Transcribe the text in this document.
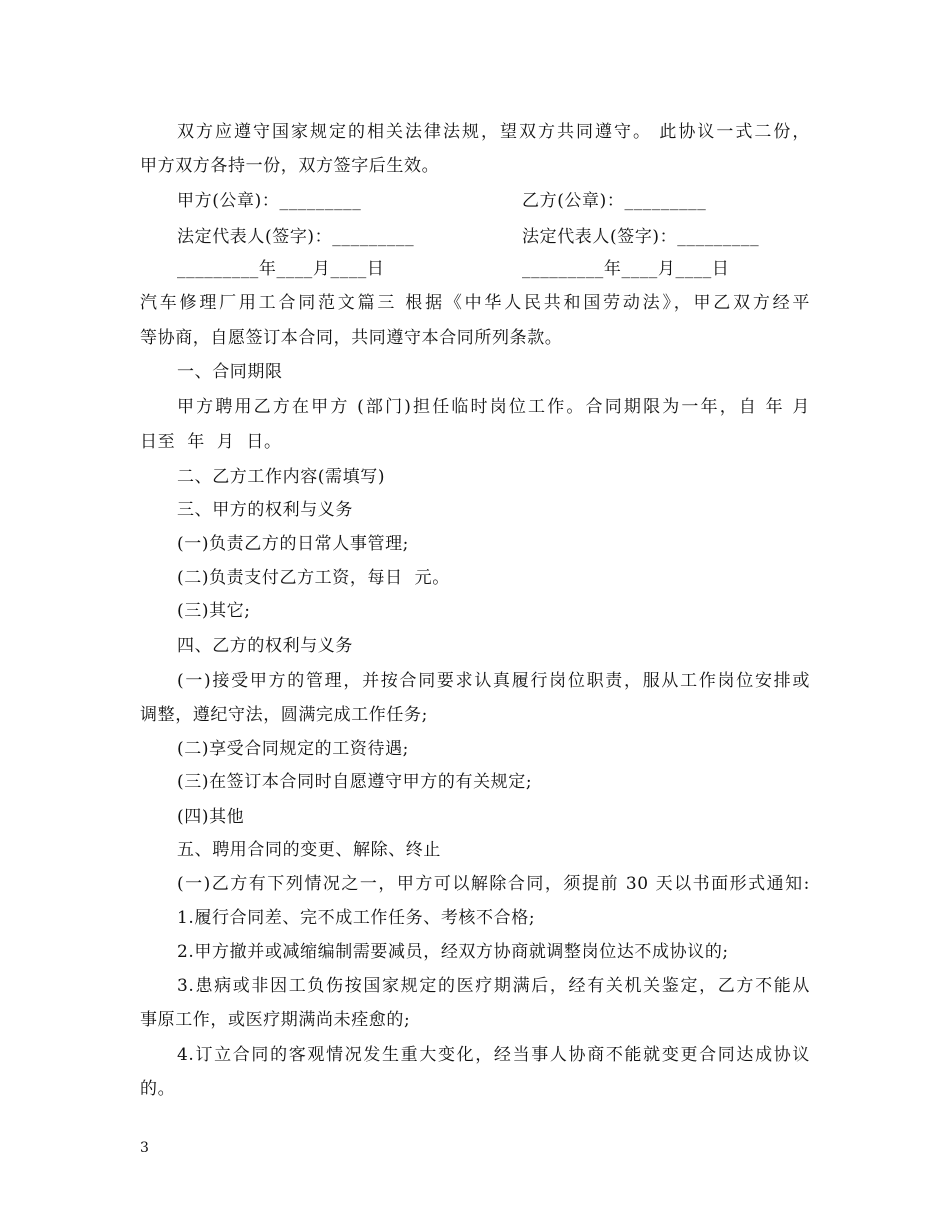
双方应遵守国家规定的相关法律法规，望双方共同遵守。 此协议一式二份，
甲方双方各持一份，双方签字后生效。
甲方(公章)：_________	乙方(公章)：_________
法定代表人(签字)：_________	法定代表人(签字)：_________
_________年____月____日	_________年____月____日
汽车修理厂用工合同范文篇三 根据《中华人民共和国劳动法》，甲乙双方经平
等协商，自愿签订本合同，共同遵守本合同所列条款。
一、合同期限
甲方聘用乙方在甲方 (部门)担任临时岗位工作。合同期限为一年，自 年 月
日至  年  月  日。
二、乙方工作内容(需填写)
三、甲方的权利与义务
(一)负责乙方的日常人事管理;
(二)负责支付乙方工资，每日  元。
(三)其它;
四、乙方的权利与义务
(一)接受甲方的管理，并按合同要求认真履行岗位职责，服从工作岗位安排或
调整，遵纪守法，圆满完成工作任务;
(二)享受合同规定的工资待遇;
(三)在签订本合同时自愿遵守甲方的有关规定;
(四)其他
五、聘用合同的变更、解除、终止
(一)乙方有下列情况之一，甲方可以解除合同，须提前 30 天以书面形式通知:
1.履行合同差、完不成工作任务、考核不合格;
2.甲方撤并或减缩编制需要减员，经双方协商就调整岗位达不成协议的;
3.患病或非因工负伤按国家规定的医疗期满后，经有关机关鉴定，乙方不能从
事原工作，或医疗期满尚未痊愈的;
4.订立合同的客观情况发生重大变化，经当事人协商不能就变更合同达成协议
的。
3
